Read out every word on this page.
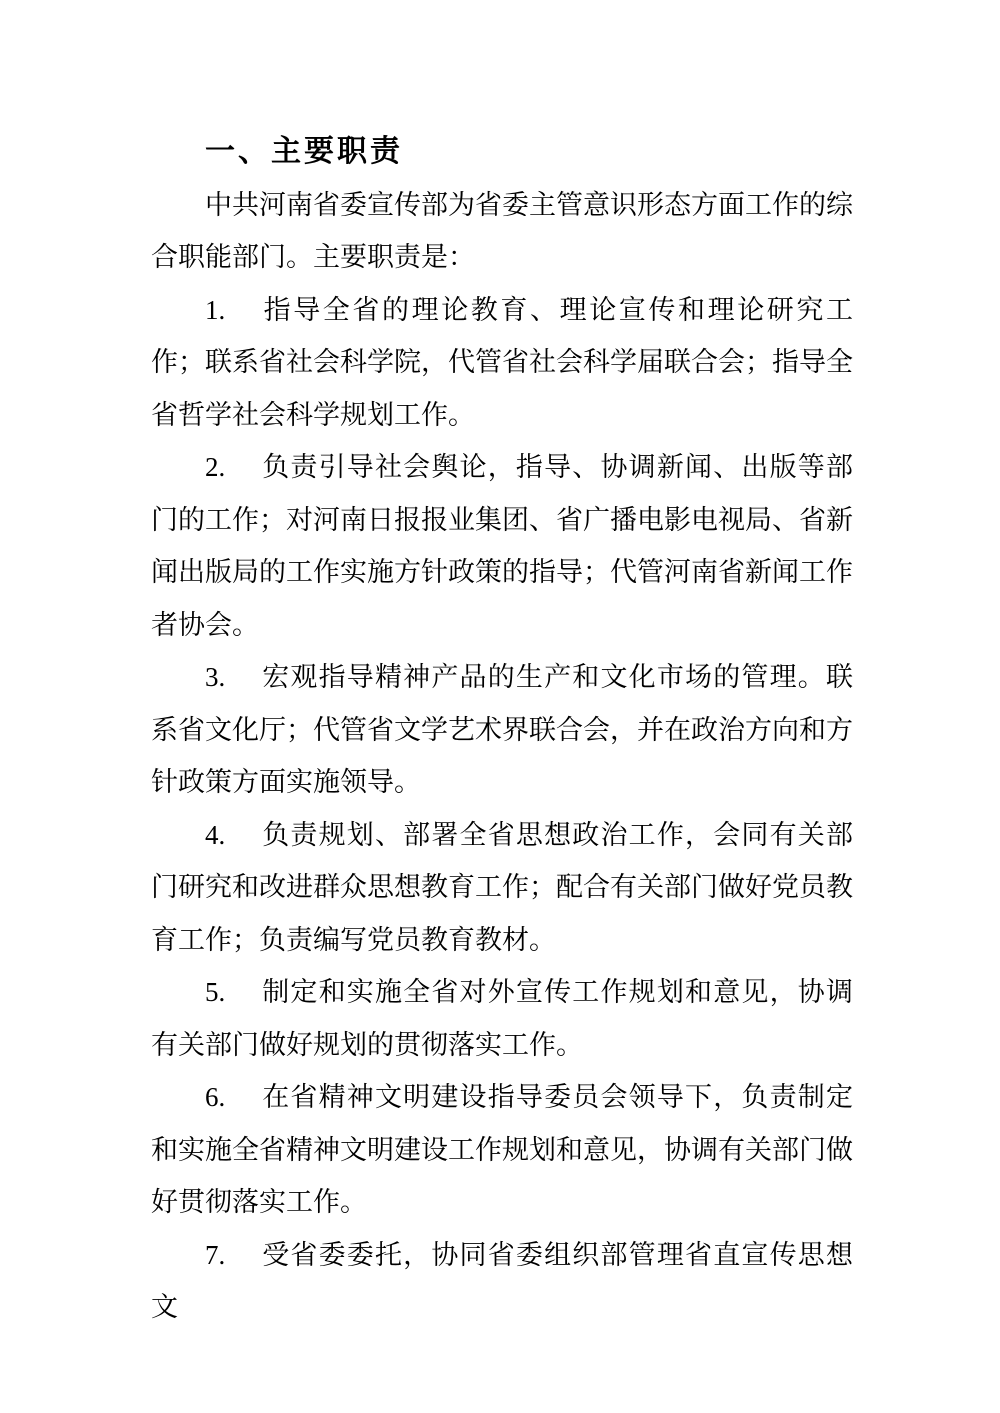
一、主要职责

中共河南省委宣传部为省委主管意识形态方面工作的综合职能部门。主要职责是：

1. 指导全省的理论教育、理论宣传和理论研究工作；联系省社会科学院，代管省社会科学届联合会；指导全省哲学社会科学规划工作。

2. 负责引导社会舆论，指导、协调新闻、出版等部门的工作；对河南日报报业集团、省广播电影电视局、省新闻出版局的工作实施方针政策的指导；代管河南省新闻工作者协会。

3. 宏观指导精神产品的生产和文化市场的管理。联系省文化厅；代管省文学艺术界联合会，并在政治方向和方针政策方面实施领导。

4. 负责规划、部署全省思想政治工作，会同有关部门研究和改进群众思想教育工作；配合有关部门做好党员教育工作；负责编写党员教育教材。

5. 制定和实施全省对外宣传工作规划和意见，协调有关部门做好规划的贯彻落实工作。

6. 在省精神文明建设指导委员会领导下，负责制定和实施全省精神文明建设工作规划和意见，协调有关部门做好贯彻落实工作。

7. 受省委委托，协同省委组织部管理省直宣传思想文
